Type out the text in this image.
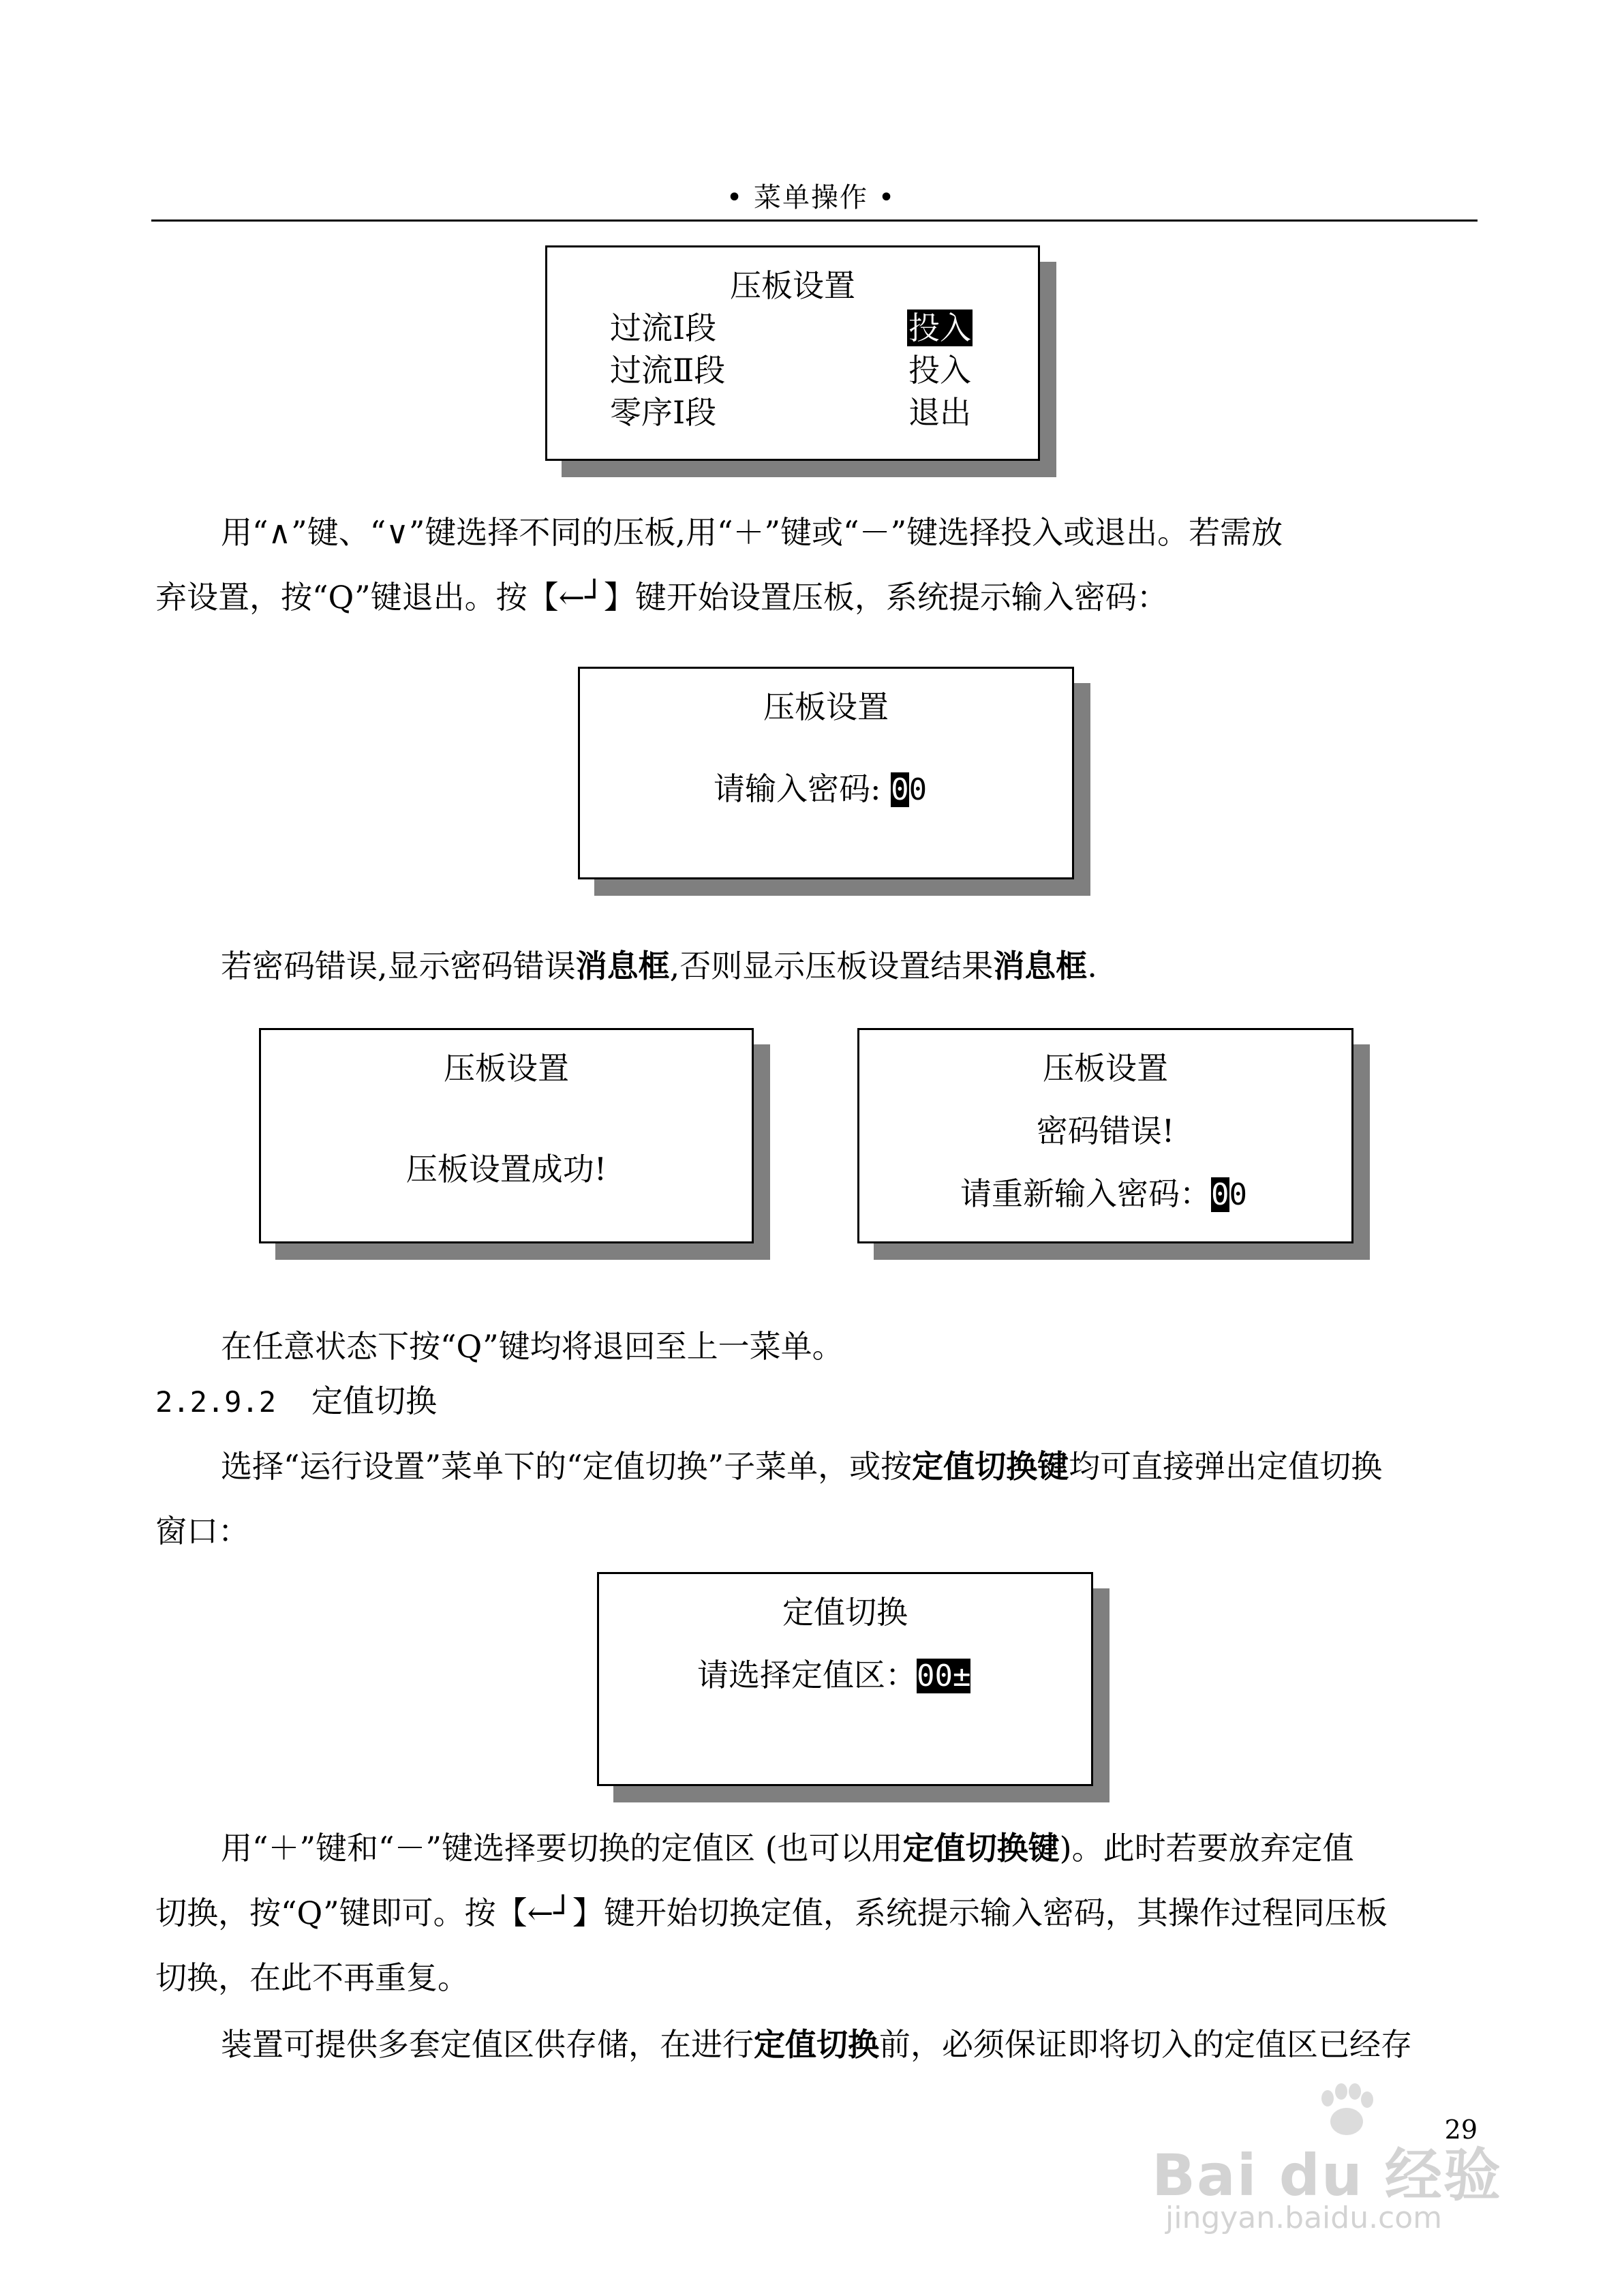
• 菜单操作 •
压板设置
过流Ⅰ段	投入
过流Ⅱ段	投入
零序Ⅰ段	退出
用“∧”键、“∨”键选择不同的压板,用“＋”键或“－”键选择投入或退出。若需放
弃设置，按“Q”键退出。按【←┘】键开始设置压板，系统提示输入密码：
压板设置
请输入密码: 00
若密码错误,显示密码错误消息框,否则显示压板设置结果消息框.
压板设置
压板设置成功!
压板设置
密码错误!
请重新输入密码：00
在任意状态下按“Q”键均将退回至上一菜单。
2.2.9.2 定值切换
选择“运行设置”菜单下的“定值切换”子菜单，或按定值切换键均可直接弹出定值切换
窗口：
定值切换
请选择定值区：00±
用“＋”键和“－”键选择要切换的定值区 (也可以用定值切换键)。此时若要放弃定值
切换，按“Q”键即可。按【←┘】键开始切换定值，系统提示输入密码，其操作过程同压板
切换，在此不再重复。
装置可提供多套定值区供存储，在进行定值切换前，必须保证即将切入的定值区已经存
29
Bai du 经验
jingyan.baidu.com
